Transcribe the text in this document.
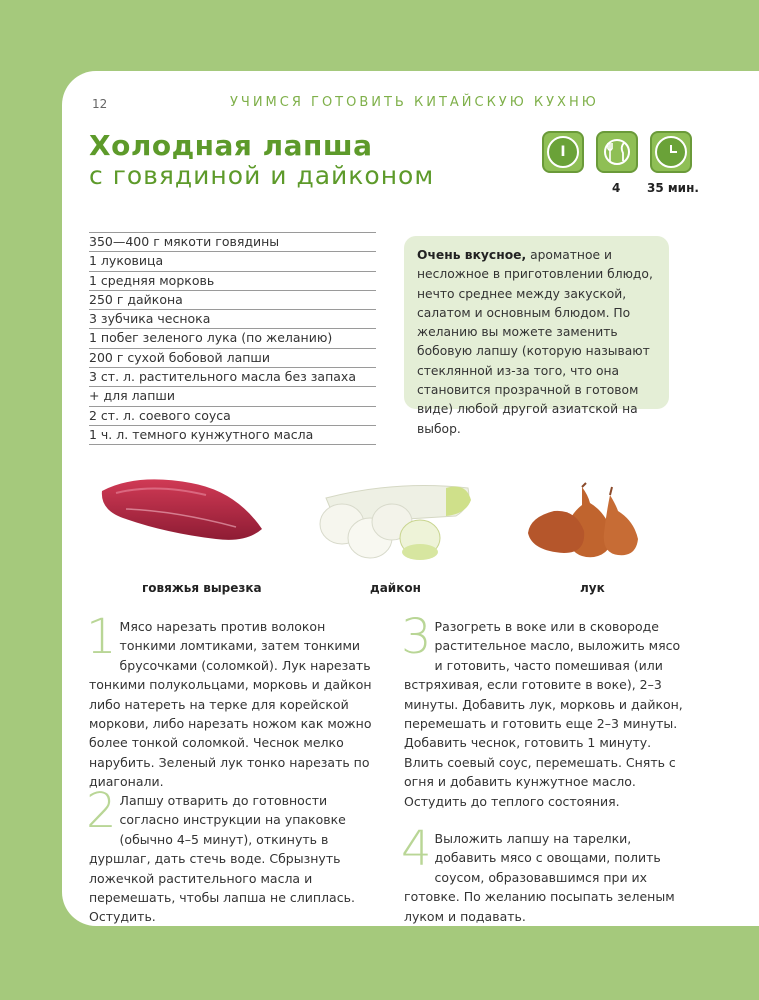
12	УЧИМСЯ ГОТОВИТЬ КИТАЙСКУЮ КУХНЮ
Холодная лапша
с говядиной и дайконом
I
4 35 мин.
350—400 г мякоти говядины
1 луковица
1 средняя морковь
250 г дайкона
3 зубчика чеснока
1 побег зеленого лука (по желанию)
200 г сухой бобовой лапши
3 ст. л. растительного масла без запаха
+ для лапши
2 ст. л. соевого соуса
1 ч. л. темного кунжутного масла
Очень вкусное, ароматное и несложное в приготовлении блюдо, нечто среднее между закуской, салатом и основным блюдом. По желанию вы можете заменить бобовую лапшу (которую называют стеклянной из-за того, что она становится прозрачной в готовом виде) любой другой азиатской на выбор.
говяжья вырезка	дайкон	лук
1 Мясо нарезать против волокон тонкими ломтиками, затем тонкими брусочками (соломкой). Лук нарезать тонкими полукольцами, морковь и дайкон либо натереть на терке для корейской моркови, либо нарезать ножом как можно более тонкой соломкой. Чеснок мелко нарубить. Зеленый лук тонко нарезать по диагонали.
2 Лапшу отварить до готовности согласно инструкции на упаковке (обычно 4–5 минут), откинуть в дуршлаг, дать стечь воде. Сбрызнуть ложечкой растительного масла и перемешать, чтобы лапша не слиплась. Остудить.
3 Разогреть в воке или в сковороде растительное масло, выложить мясо и готовить, часто помешивая (или встряхивая, если готовите в воке), 2–3 минуты. Добавить лук, морковь и дайкон, перемешать и готовить еще 2–3 минуты. Добавить чеснок, готовить 1 минуту. Влить соевый соус, перемешать. Снять с огня и добавить кунжутное масло. Остудить до теплого состояния.
4 Выложить лапшу на тарелки, добавить мясо с овощами, полить соусом, образовавшимся при их готовке. По желанию посыпать зеленым луком и подавать.
